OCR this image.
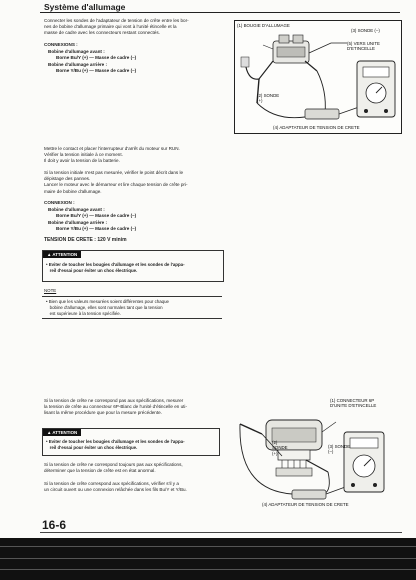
Système d'allumage
Connecter les sondes de l'adaptateur de tension de crête entre les bor-
nes de bobine d'allumage primaire qui vont à l'unité étincelle et la
masse de cadre avec les connecteurs restant connectés.
CONNEXIONS :
Bobine d'allumage avant :
Borne Bu/Y (+) — Masse de cadre (–)
Bobine d'allumage arrière :
Borne Y/Bu (+) — Masse de cadre (–)
(1) BOUGIE D'ALLUMAGE
(3) SONDE (–)
(5) VERS UNITE
D'ETINCELLE
(2) SONDE
(+)
(4) ADAPTATEUR DE TENSION DE CRETE
Mettre le contact et placer l'interrupteur d'arrêt du moteur sur RUN.
Vérifier la tension initiale à ce moment.
Il doit y avoir la tension de la batterie.
Si la tension initiale n'est pas mesurée, vérifier le point décrit dans le
dépistage des pannes.
Lancer le moteur avec le démarreur et lire chaque tension de crête pri-
maire de bobine d'allumage.
CONNEXION :
Bobine d'allumage avant :
Borne Bu/Y (+) — Masse de cadre (–)
Bobine d'allumage arrière :
Borne Y/Bu (+) — Masse de cadre (–)
TENSION DE CRETE : 120 V minim
▲ ATTENTION
• Eviter de toucher les bougies d'allumage et les sondes de l'appa-
reil d'essai pour éviter un choc électrique.
NOTE
• Bien que les valeurs mesurées soient différentes pour chaque
bobine d'allumage, elles sont normales tant que la tension
est supérieure à la tension spécifiée.
Si la tension de crête ne correspond pas aux spécifications, mesurer
la tension de crête au connecteur 6P-Blanc de l'unité d'étincelle en uti-
lisant la même procédure que pour la mesure précédente.
▲ ATTENTION
• Eviter de toucher les bougies d'allumage et les sondes de l'appa-
reil d'essai pour éviter un choc électrique.
Si la tension de crête ne correspond toujours pas aux spécifications,
déterminer que la tension de crête est en état anormal.
Si la tension de crête correspond aux spécifications, vérifier s'il y a
un circuit ouvert ou une connexion relâchée dans les fils Bu/Y et Y/Bu.
(1) CONNECTEUR 6P
D'UNITE D'ETINCELLE
(2)
SONDE
(+)
(3) SONDE
(–)
(4) ADAPTATEUR DE TENSION DE CRETE
16-6
